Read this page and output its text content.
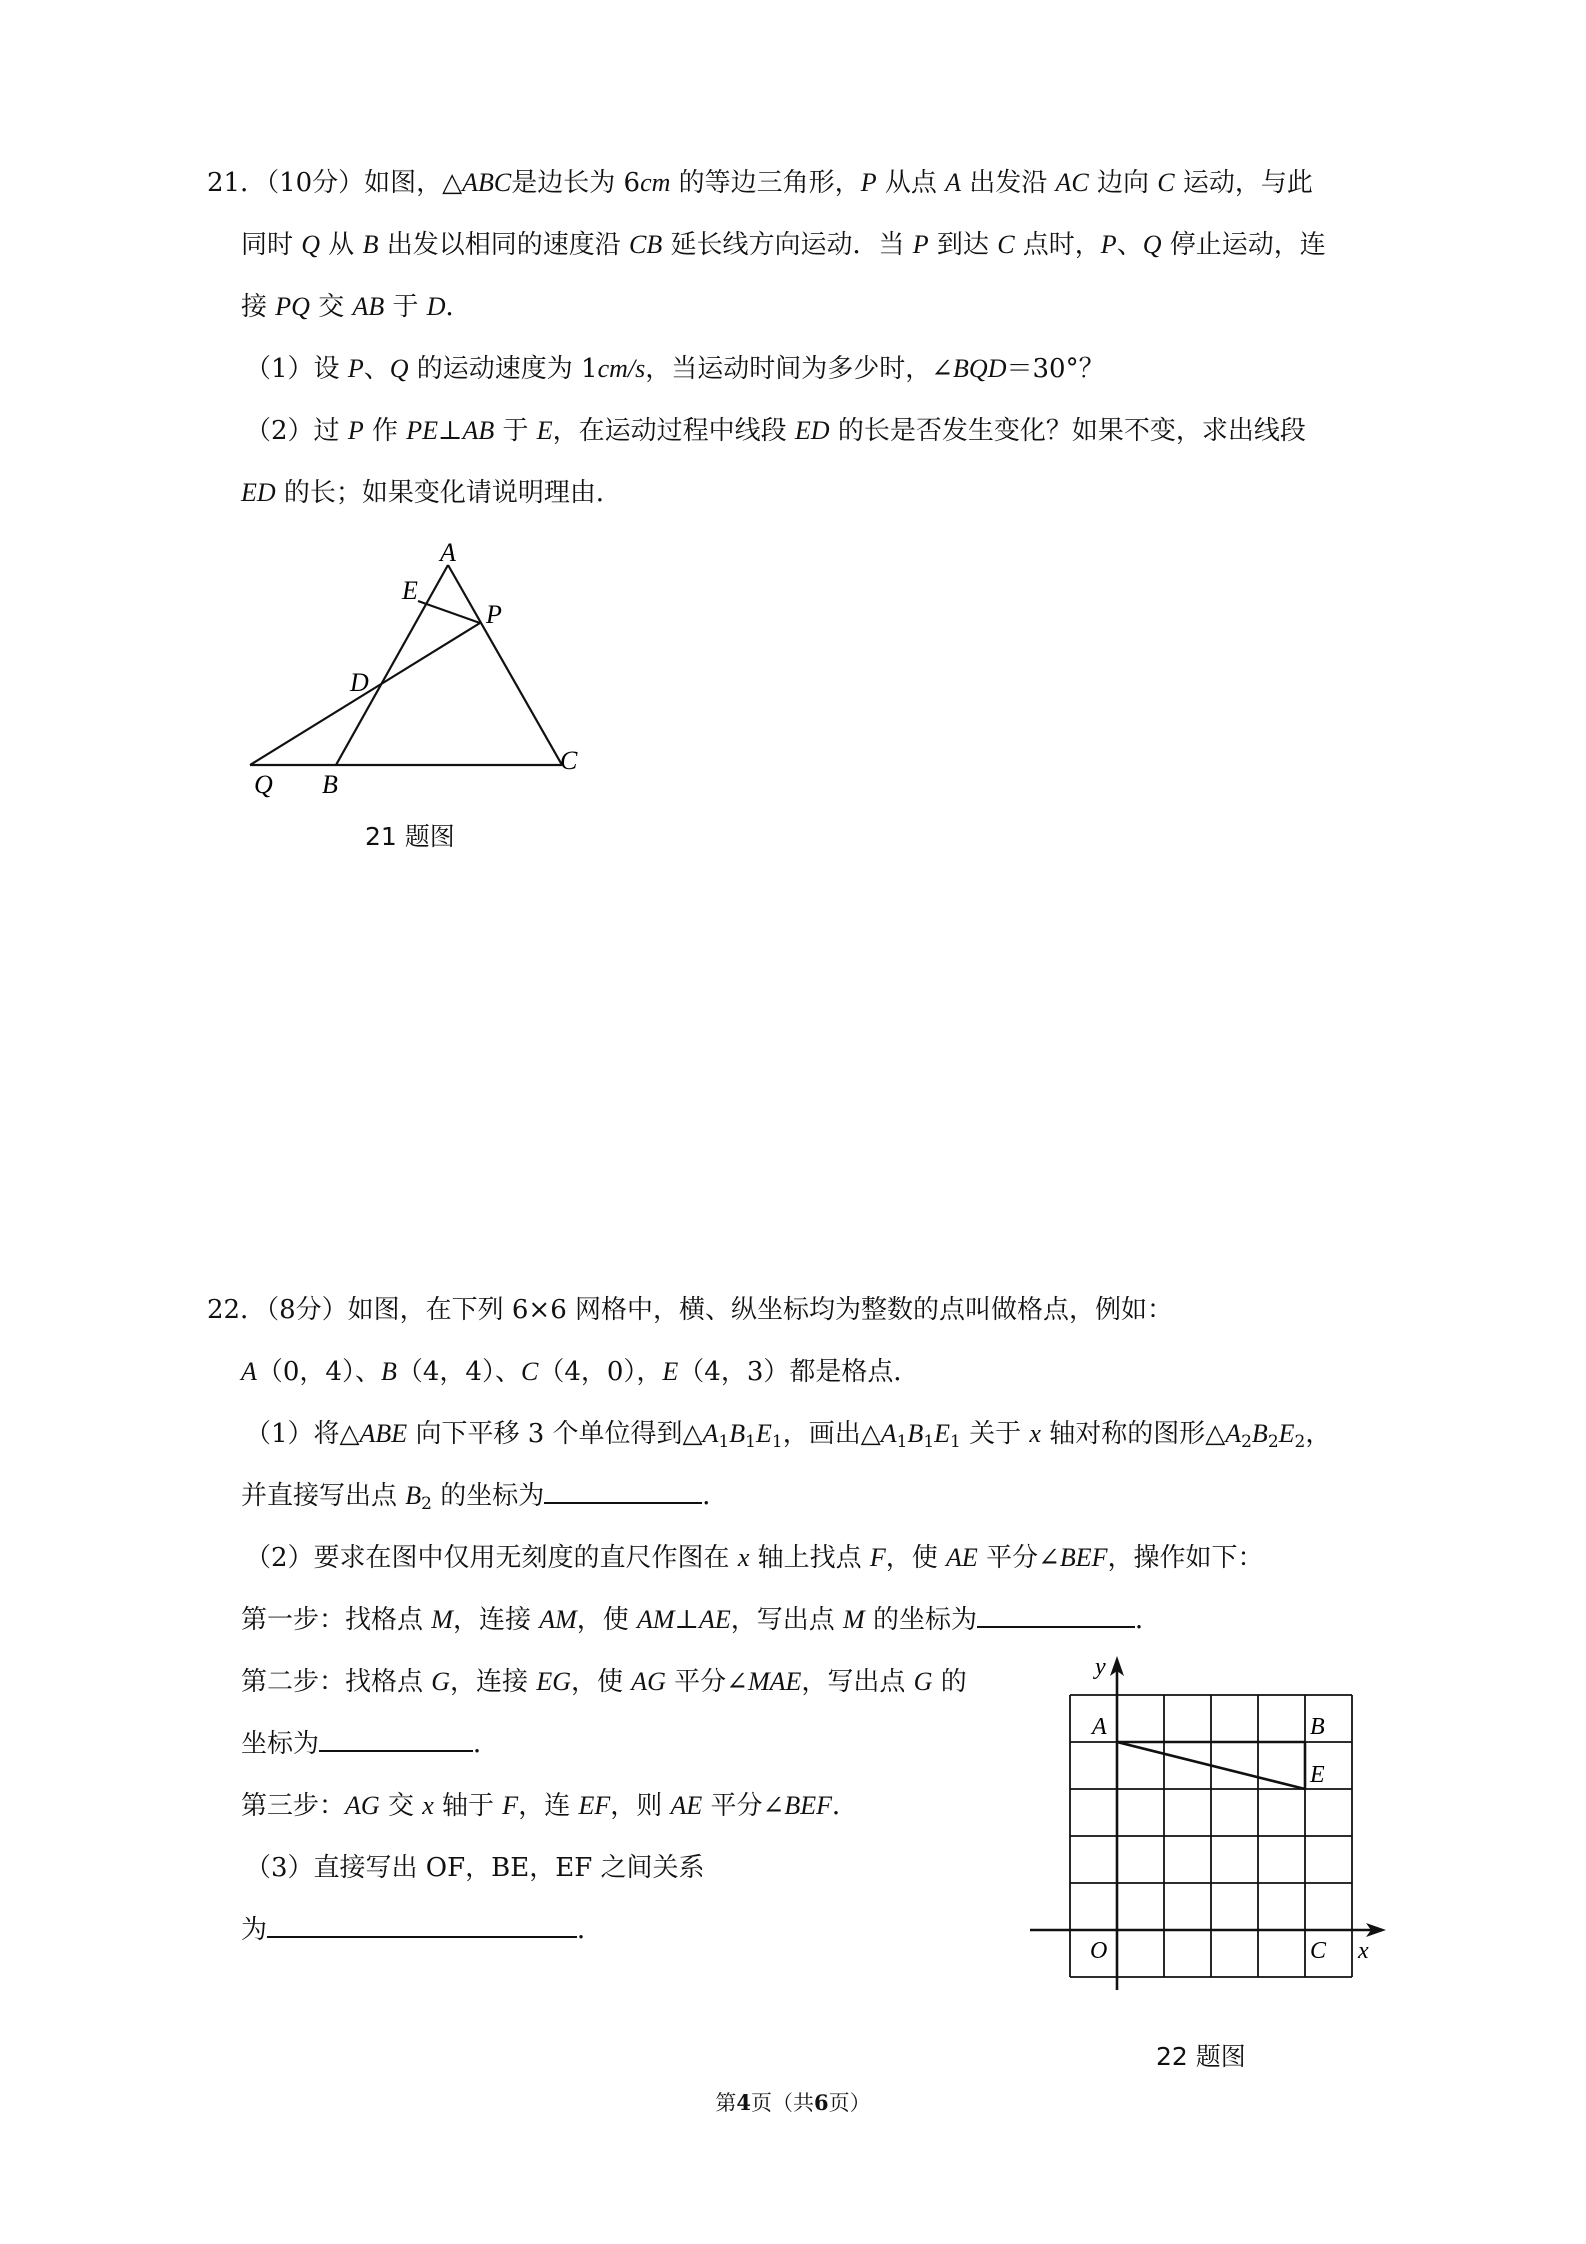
21．（10分）如图，△ABC是边长为 6cm 的等边三角形，P 从点 A 出发沿 AC 边向 C 运动，与此
同时 Q 从 B 出发以相同的速度沿 CB 延长线方向运动．当 P 到达 C 点时，P、Q 停止运动，连
接 PQ 交 AB 于 D．
（1）设 P、Q 的运动速度为 1cm/s，当运动时间为多少时，∠BQD＝30°？
（2）过 P 作 PE⊥AB 于 E，在运动过程中线段 ED 的长是否发生变化？如果不变，求出线段
ED 的长；如果变化请说明理由．
A
E
P
D
Q B
C
21 题图
22．（8分）如图，在下列 6×6 网格中，横、纵坐标均为整数的点叫做格点，例如：
A（0，4）、B（4，4）、C（4，0），E（4，3）都是格点．
（1）将△ABE 向下平移 3 个单位得到$\triangle A_1B_1E_1$，画出$\triangle A_1B_1E_1$ 关于 x 轴对称的图形$\triangle A_2B_2E_2$，
并直接写出点 $B_2$ 的坐标为	．
（2）要求在图中仅用无刻度的直尺作图在 x 轴上找点 F，使 AE 平分∠BEF，操作如下：
第一步：找格点 M，连接 AM，使 AM⊥AE，写出点 M 的坐标为	．
第二步：找格点 G，连接 EG，使 AG 平分∠MAE，写出点 G 的
坐标为	．
第三步：AG 交 x 轴于 F，连 EF，则 AE 平分∠BEF．
（3）直接写出 OF，BE，EF 之间关系
为	．
y
x
A	B
E
O	C
22 题图
第4页（共6页）
